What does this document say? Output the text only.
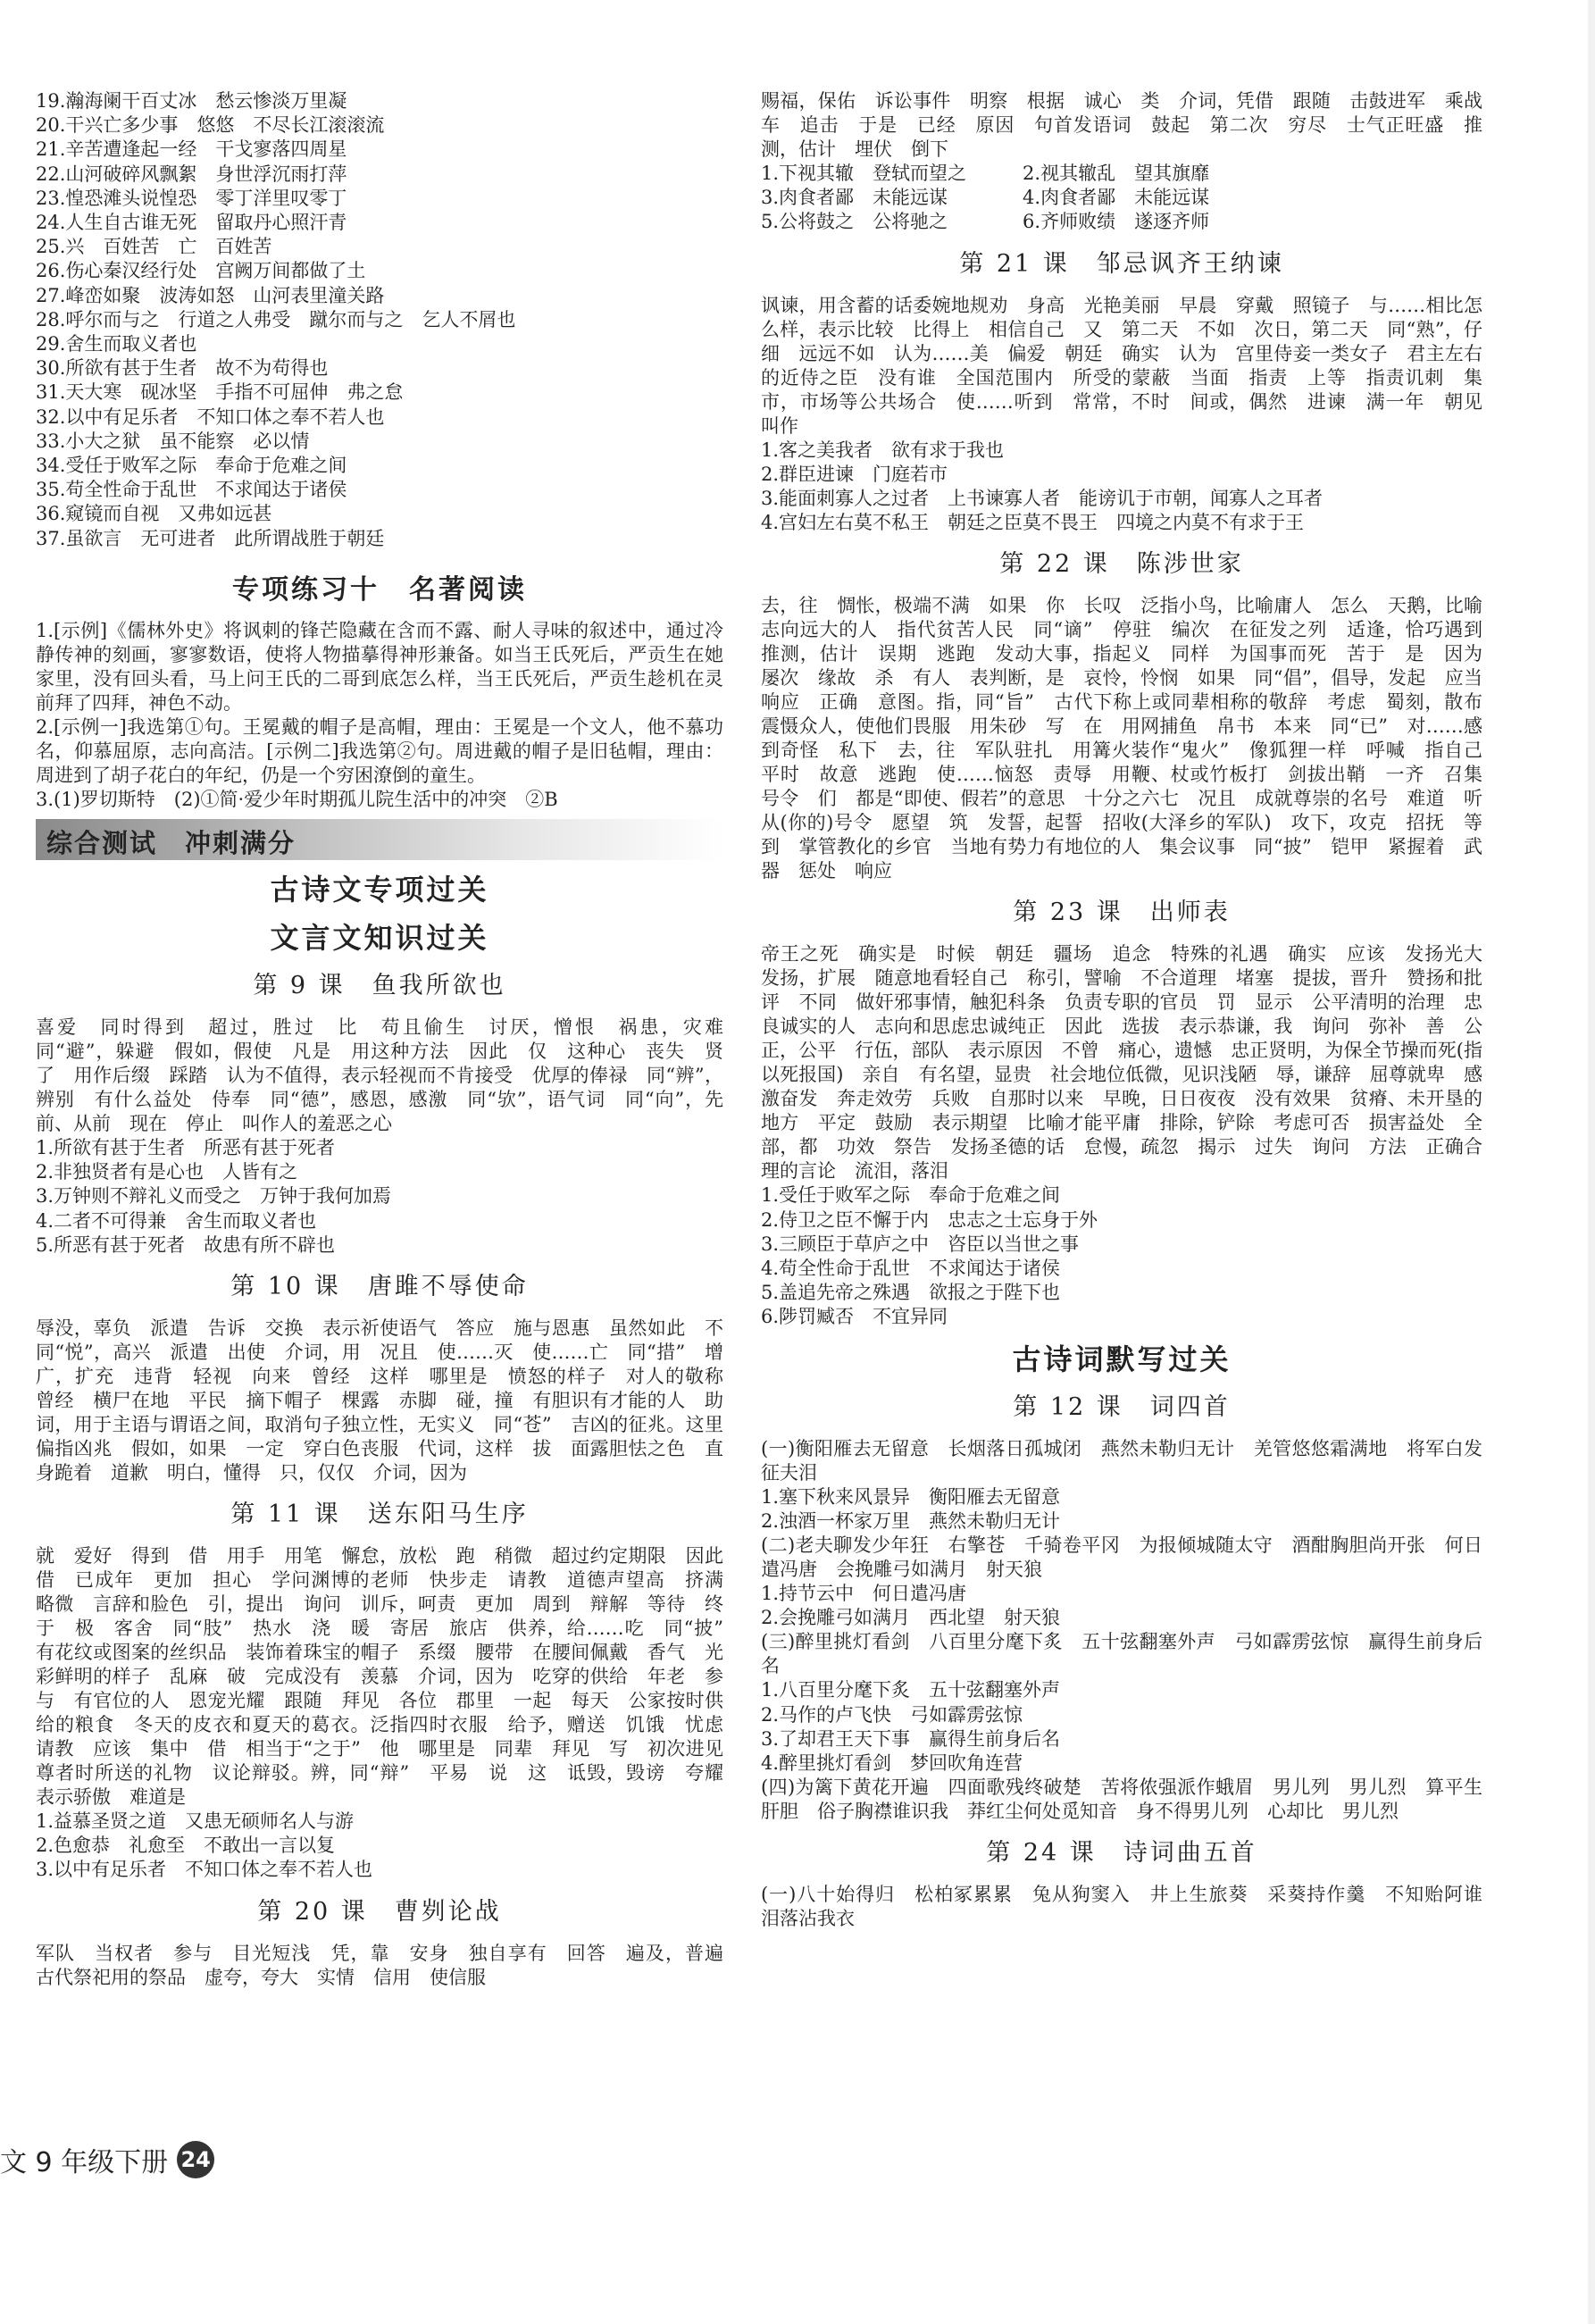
19.瀚海阑干百丈冰　愁云惨淡万里凝
20.干兴亡多少事　悠悠　不尽长江滚滚流
21.辛苦遭逢起一经　干戈寥落四周星
22.山河破碎风飘絮　身世浮沉雨打萍
23.惶恐滩头说惶恐　零丁洋里叹零丁
24.人生自古谁无死　留取丹心照汗青
25.兴　百姓苦　亡　百姓苦
26.伤心秦汉经行处　宫阙万间都做了土
27.峰峦如聚　波涛如怒　山河表里潼关路
28.呼尔而与之　行道之人弗受　蹴尔而与之　乞人不屑也
29.舍生而取义者也
30.所欲有甚于生者　故不为苟得也
31.天大寒　砚冰坚　手指不可屈伸　弗之怠
32.以中有足乐者　不知口体之奉不若人也
33.小大之狱　虽不能察　必以情
34.受任于败军之际　奉命于危难之间
35.苟全性命于乱世　不求闻达于诸侯
36.窥镜而自视　又弗如远甚
37.虽欲言　无可进者　此所谓战胜于朝廷
专项练习十　名著阅读
1.[示例]《儒林外史》将讽刺的锋芒隐藏在含而不露、耐人寻味的叙述中，通过冷静传神的刻画，寥寥数语，使将人物描摹得神形兼备。如当王氏死后，严贡生在她家里，没有回头看，马上问王氏的二哥到底怎么样，当王氏死后，严贡生趁机在灵前拜了四拜，神色不动。
2.[示例一]我选第①句。王冕戴的帽子是高帽，理由：王冕是一个文人，他不慕功名，仰慕屈原，志向高洁。[示例二]我选第②句。周进戴的帽子是旧毡帽，理由：周进到了胡子花白的年纪，仍是一个穷困潦倒的童生。
3.(1)罗切斯特　(2)①简·爱少年时期孤儿院生活中的冲突　②B
综合测试　冲刺满分
古诗文专项过关
文言文知识过关
第 9 课　鱼我所欲也
喜爱　同时得到　超过，胜过　比　苟且偷生　讨厌，憎恨　祸患，灾难　同“避”，躲避　假如，假使　凡是　用这种方法　因此　仅　这种心　丧失　贤　了　用作后缀　踩踏　认为不值得，表示轻视而不肯接受　优厚的俸禄　同“辨”，辨别　有什么益处　侍奉　同“德”，感恩，感激　同“欤”，语气词　同“向”，先前、从前　现在　停止　叫作人的羞恶之心
1.所欲有甚于生者　所恶有甚于死者
2.非独贤者有是心也　人皆有之
3.万钟则不辩礼义而受之　万钟于我何加焉
4.二者不可得兼　舍生而取义者也
5.所恶有甚于死者　故患有所不辟也
第 10 课　唐雎不辱使命
辱没，辜负　派遣　告诉　交换　表示祈使语气　答应　施与恩惠　虽然如此　不　同“悦”，高兴　派遣　出使　介词，用　况且　使……灭　使……亡　同“措”　增广，扩充　违背　轻视　向来　曾经　这样　哪里是　愤怒的样子　对人的敬称　曾经　横尸在地　平民　摘下帽子　棵露　赤脚　碰，撞　有胆识有才能的人　助词，用于主语与谓语之间，取消句子独立性，无实义　同“苍”　吉凶的征兆。这里偏指凶兆　假如，如果　一定　穿白色丧服　代词，这样　拔　面露胆怯之色　直身跪着　道歉　明白，懂得　只，仅仅　介词，因为
第 11 课　送东阳马生序
就　爱好　得到　借　用手　用笔　懈怠，放松　跑　稍微　超过约定期限　因此　借　已成年　更加　担心　学问渊博的老师　快步走　请教　道德声望高　挤满　略微　言辞和脸色　引，提出　询问　训斥，呵责　更加　周到　辩解　等待　终于　极　客舍　同“肢”　热水　浇　暖　寄居　旅店　供养，给……吃　同“披”　有花纹或图案的丝织品　装饰着珠宝的帽子　系缀　腰带　在腰间佩戴　香气　光彩鲜明的样子　乱麻　破　完成没有　羡慕　介词，因为　吃穿的供给　年老　参与　有官位的人　恩宠光耀　跟随　拜见　各位　郡里　一起　每天　公家按时供给的粮食　冬天的皮衣和夏天的葛衣。泛指四时衣服　给予，赠送　饥饿　忧虑　请教　应该　集中　借　相当于“之于”　他　哪里是　同辈　拜见　写　初次进见尊者时所送的礼物　议论辩驳。辨，同“辩”　平易　说　这　诋毁，毁谤　夸耀　表示骄傲　难道是
1.益慕圣贤之道　又患无硕师名人与游
2.色愈恭　礼愈至　不敢出一言以复
3.以中有足乐者　不知口体之奉不若人也
第 20 课　曹刿论战
军队　当权者　参与　目光短浅　凭，靠　安身　独自享有　回答　遍及，普遍　古代祭祀用的祭品　虚夸，夸大　实情　信用　使信服
赐福，保佑　诉讼事件　明察　根据　诚心　类　介词，凭借　跟随　击鼓进军　乘战车　追击　于是　已经　原因　句首发语词　鼓起　第二次　穷尽　士气正旺盛　推测，估计　埋伏　倒下
1.下视其辙　登轼而望之　　　2.视其辙乱　望其旗靡
3.肉食者鄙　未能远谋　　　　4.肉食者鄙　未能远谋
5.公将鼓之　公将驰之　　　　6.齐师败绩　遂逐齐师
第 21 课　邹忌讽齐王纳谏
讽谏，用含蓄的话委婉地规劝　身高　光艳美丽　早晨　穿戴　照镜子　与……相比怎么样，表示比较　比得上　相信自己　又　第二天　不如　次日，第二天　同“熟”，仔细　远远不如　认为……美　偏爱　朝廷　确实　认为　宫里侍妾一类女子　君主左右的近侍之臣　没有谁　全国范围内　所受的蒙蔽　当面　指责　上等　指责讥刺　集市，市场等公共场合　使……听到　常常，不时　间或，偶然　进谏　满一年　朝见　叫作
1.客之美我者　欲有求于我也
2.群臣进谏　门庭若市
3.能面刺寡人之过者　上书谏寡人者　能谤讥于市朝，闻寡人之耳者
4.宫妇左右莫不私王　朝廷之臣莫不畏王　四境之内莫不有求于王
第 22 课　陈涉世家
去，往　惆怅，极端不满　如果　你　长叹　泛指小鸟，比喻庸人　怎么　天鹅，比喻志向远大的人　指代贫苦人民　同“谪”　停驻　编次　在征发之列　适逢，恰巧遇到　推测，估计　误期　逃跑　发动大事，指起义　同样　为国事而死　苦于　是　因为　屡次　缘故　杀　有人　表判断，是　哀怜，怜悯　如果　同“倡”，倡导，发起　应当响应　正确　意图。指，同“旨”　古代下称上或同辈相称的敬辞　考虑　蜀刻，散布　震慑众人，使他们畏服　用朱砂　写　在　用网捕鱼　帛书　本来　同“已”　对……感到奇怪　私下　去，往　军队驻扎　用篝火装作“鬼火”　像狐狸一样　呼喊　指自己　平时　故意　逃跑　使……恼怒　责辱　用鞭、杖或竹板打　剑拔出鞘　一齐　召集　号令　们　都是“即使、假若”的意思　十分之六七　况且　成就尊崇的名号　难道　听从(你的)号令　愿望　筑　发誓，起誓　招收(大泽乡的军队)　攻下，攻克　招抚　等到　掌管教化的乡官　当地有势力有地位的人　集会议事　同“披”　铠甲　紧握着　武器　惩处　响应
第 23 课　出师表
帝王之死　确实是　时候　朝廷　疆场　追念　特殊的礼遇　确实　应该　发扬光大　发扬，扩展　随意地看轻自己　称引，譬喻　不合道理　堵塞　提拔，晋升　赞扬和批评　不同　做奸邪事情，触犯科条　负责专职的官员　罚　显示　公平清明的治理　忠良诚实的人　志向和思虑忠诚纯正　因此　选拔　表示恭谦，我　询问　弥补　善　公正，公平　行伍，部队　表示原因　不曾　痛心，遗憾　忠正贤明，为保全节操而死(指以死报国)　亲自　有名望，显贵　社会地位低微，见识浅陋　辱，谦辞　屈尊就卑　感激奋发　奔走效劳　兵败　自那时以来　早晚，日日夜夜　没有效果　贫瘠、未开垦的地方　平定　鼓励　表示期望　比喻才能平庸　排除，铲除　考虑可否　损害益处　全部，都　功效　祭告　发扬圣德的话　怠慢，疏忽　揭示　过失　询问　方法　正确合理的言论　流泪，落泪
1.受任于败军之际　奉命于危难之间
2.侍卫之臣不懈于内　忠志之士忘身于外
3.三顾臣于草庐之中　咨臣以当世之事
4.苟全性命于乱世　不求闻达于诸侯
5.盖追先帝之殊遇　欲报之于陛下也
6.陟罚臧否　不宜异同
古诗词默写过关
第 12 课　词四首
(一)衡阳雁去无留意　长烟落日孤城闭　燕然未勒归无计　羌管悠悠霜满地　将军白发征夫泪
1.塞下秋来风景异　衡阳雁去无留意
2.浊酒一杯家万里　燕然未勒归无计
(二)老夫聊发少年狂　右擎苍　千骑卷平冈　为报倾城随太守　酒酣胸胆尚开张　何日遣冯唐　会挽雕弓如满月　射天狼
1.持节云中　何日遣冯唐
2.会挽雕弓如满月　西北望　射天狼
(三)醉里挑灯看剑　八百里分麾下炙　五十弦翻塞外声　弓如霹雳弦惊　赢得生前身后名
1.八百里分麾下炙　五十弦翻塞外声
2.马作的卢飞快　弓如霹雳弦惊
3.了却君王天下事　赢得生前身后名
4.醉里挑灯看剑　梦回吹角连营
(四)为篱下黄花开遍　四面歌残终破楚　苦将侬强派作蛾眉　男儿列　男儿烈　算平生肝胆　俗子胸襟谁识我　莽红尘何处觅知音　身不得男儿列　心却比　男儿烈
第 24 课　诗词曲五首
(一)八十始得归　松柏冢累累　兔从狗窦入　井上生旅葵　采葵持作羹　不知贻阿谁　泪落沾我衣
文 9 年级下册 24
